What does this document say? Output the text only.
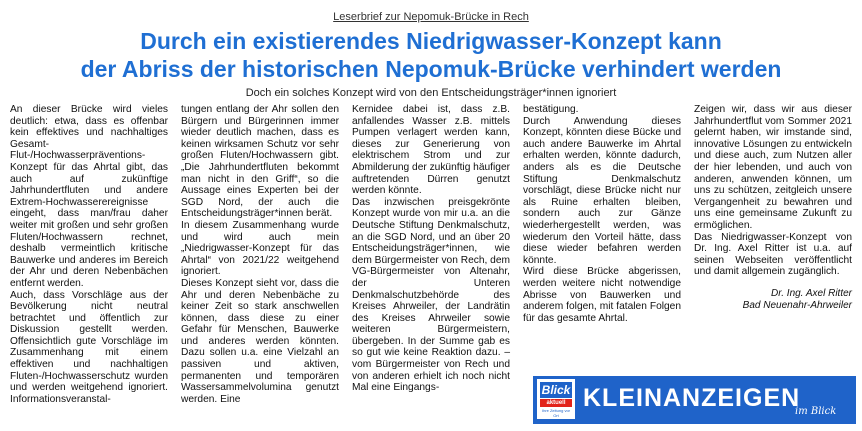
Leserbrief zur Nepomuk-Brücke in Rech
Durch ein existierendes Niedrigwasser-Konzept kann
der Abriss der historischen Nepomuk-Brücke verhindert werden
Doch ein solches Konzept wird von den Entscheidungsträger*innen ignoriert

An dieser Brücke wird vieles deutlich: etwa, dass es offenbar kein effektives und nachhaltiges Gesamt-Flut-/Hochwasserpräventions-Konzept für das Ahrtal gibt, das auch auf zukünftige Jahrhundertfluten und andere Extrem-Hochwasserereignisse eingeht, dass man/frau daher weiter mit großen und sehr großen Fluten/Hochwassern rechnet, deshalb vermeintlich kritische Bauwerke und anderes im Bereich der Ahr und deren Nebenbächen entfernt werden.

Auch, dass Vorschläge aus der Bevölkerung nicht neutral betrachtet und öffentlich zur Diskussion gestellt werden. Offensichtlich gute Vorschläge im Zusammenhang mit einem effektiven und nachhaltigen Fluten-/Hochwasserschutz wurden und werden weitgehend ignoriert. Informationsveranstal-

tungen entlang der Ahr sollen den Bürgern und Bürgerinnen immer wieder deutlich machen, dass es keinen wirksamen Schutz vor sehr großen Fluten/Hochwassern gibt. „Die Jahrhundertfluten bekommt man nicht in den Griff“, so die Aussage eines Experten bei der SGD Nord, der auch die Entscheidungsträger*innen berät.

In diesem Zusammenhang wurde und wird auch mein „Niedrigwasser-Konzept für das Ahrtal“ von 2021/22 weitgehend ignoriert.

Dieses Konzept sieht vor, dass die Ahr und deren Nebenbäche zu keiner Zeit so stark anschwellen können, dass diese zu einer Gefahr für Menschen, Bauwerke und anderes werden könnten. Dazu sollen u.a. eine Vielzahl an passiven und aktiven, permanenten und temporären Wassersammelvolumina genutzt werden. Eine

Kernidee dabei ist, dass z.B. anfallendes Wasser z.B. mittels Pumpen verlagert werden kann, dieses zur Generierung von elektrischem Strom und zur Abmilderung der zukünftig häufiger auftretenden Dürren genutzt werden könnte.

Das inzwischen preisgekrönte Konzept wurde von mir u.a. an die Deutsche Stiftung Denkmalschutz, an die SGD Nord, und an über 20 Entscheidungsträger*innen, wie dem Bürgermeister von Rech, dem VG-Bürgermeister von Altenahr, der Unteren Denkmalschutzbehörde des Kreises Ahrweiler, der Landrätin des Kreises Ahrweiler sowie weiteren Bürgermeistern, übergeben. In der Summe gab es so gut wie keine Reaktion dazu. – vom Bürgermeister von Rech und von anderen erhielt ich noch nicht Mal eine Eingangs-

bestätigung.

Durch Anwendung dieses Konzept, könnten diese Bücke und auch andere Bauwerke im Ahrtal erhalten werden, könnte dadurch, anders als es die Deutsche Stiftung Denkmalschutz vorschlägt, diese Brücke nicht nur als Ruine erhalten bleiben, sondern auch zur Gänze wiederhergestellt werden, was wiederum den Vorteil hätte, dass diese wieder befahren werden könnte.

Wird diese Brücke abgerissen, werden weitere nicht notwendige Abrisse von Bauwerken und anderem folgen, mit fatalen Folgen für das gesamte Ahrtal.

Zeigen wir, dass wir aus dieser Jahrhundertflut vom Sommer 2021 gelernt haben, wir imstande sind, innovative Lösungen zu entwickeln und diese auch, zum Nutzen aller der hier lebenden, und auch von anderen, anwenden können, um uns zu schützen, zeitgleich unsere Vergangenheit zu bewahren und uns eine gemeinsame Zukunft zu ermöglichen.

Das Niedrigwasser-Konzept von Dr. Ing. Axel Ritter ist u.a. auf seinen Webseiten veröffentlicht und damit allgemein zugänglich.

Dr. Ing. Axel Ritter
Bad Neuenahr-Ahrweiler
Blick
aktuell
Ihre Zeitung vor Ort
KLEINANZEIGEN
im Blick
